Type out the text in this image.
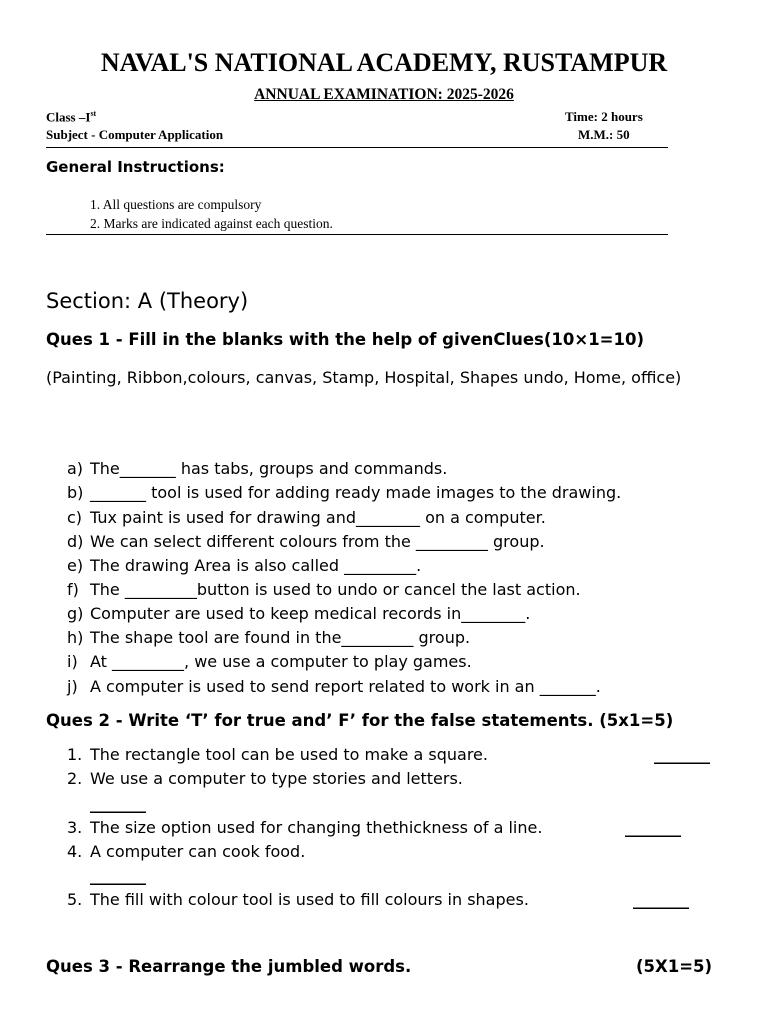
NAVAL'S NATIONAL ACADEMY, RUSTAMPUR
ANNUAL EXAMINATION: 2025-2026
Class –Ist	Time: 2 hours
Subject - Computer Application	M.M.: 50
General Instructions:
1. All questions are compulsory
2. Marks are indicated against each question.
Section: A (Theory)
Ques 1 - Fill in the blanks with the help of givenClues(10×1=10)
(Painting, Ribbon,colours, canvas, Stamp, Hospital, Shapes undo, Home, office)
a) The_______ has tabs, groups and commands.
b) _______ tool is used for adding ready made images to the drawing.
c) Tux paint is used for drawing and________ on a computer.
d) We can select different colours from the _________ group.
e) The drawing Area is also called _________.
f) The _________button is used to undo or cancel the last action.
g) Computer are used to keep medical records in________.
h) The shape tool are found in the_________ group.
i) At _________, we use a computer to play games.
j) A computer is used to send report related to work in an _______.
Ques 2 - Write ‘T’ for true and’ F’ for the false statements. (5x1=5)
1. The rectangle tool can be used to make a square.	_______
2. We use a computer to type stories and letters.
_______
3. The size option used for changing thethickness of a line.	_______
4. A computer can cook food.
_______
5. The fill with colour tool is used to fill colours in shapes.	_______
Ques 3 - Rearrange the jumbled words.	(5X1=5)
